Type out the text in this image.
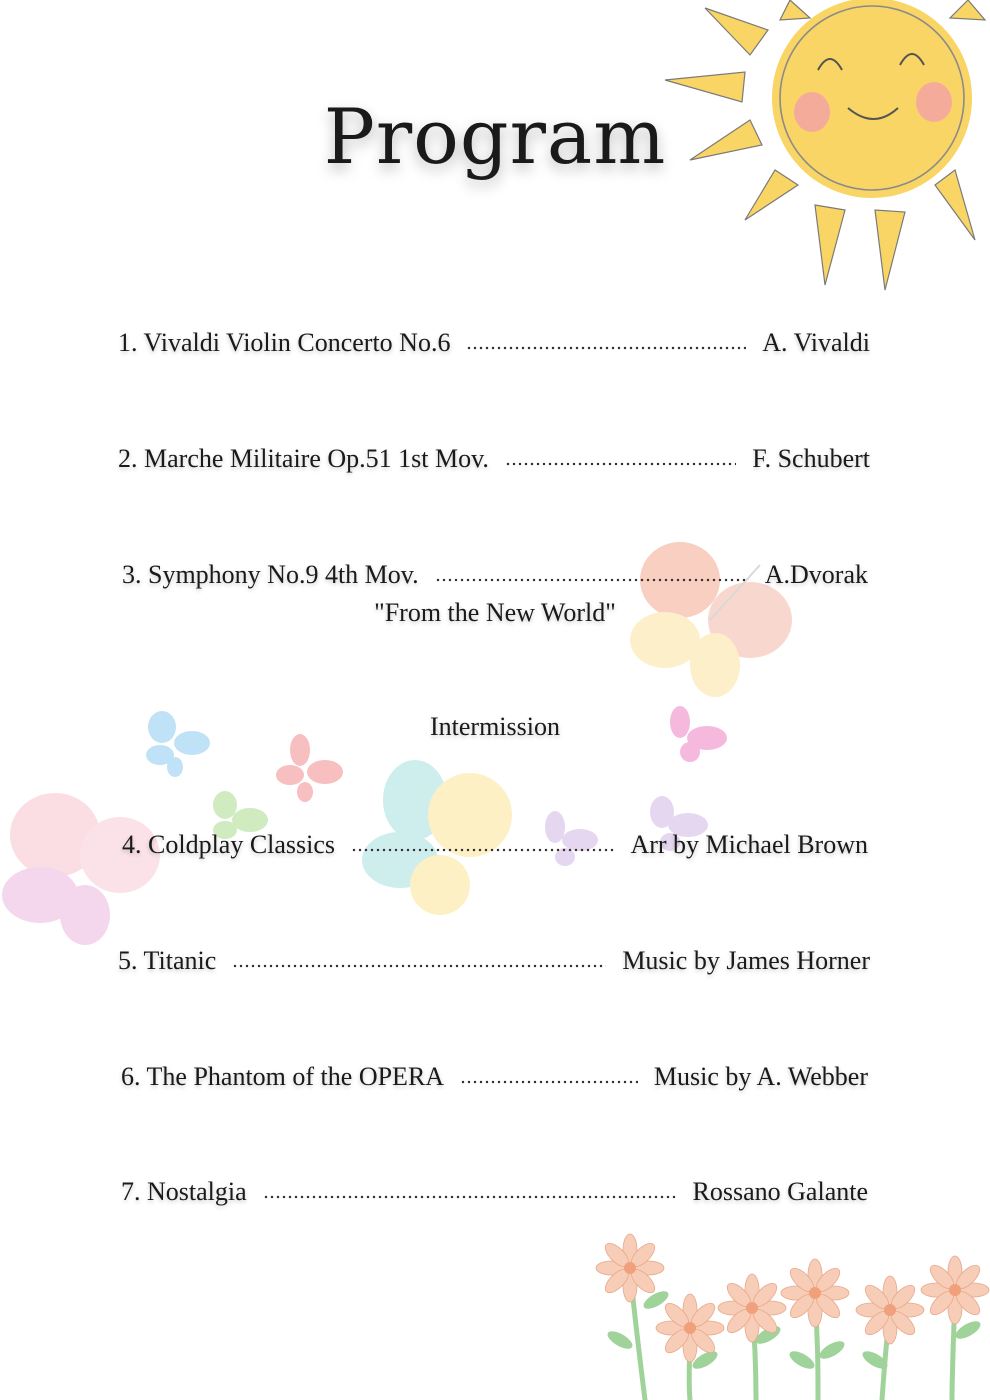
Program
1. Vivaldi Violin Concerto No.6	A. Vivaldi
2. Marche Militaire Op.51 1st Mov.	F. Schubert
3. Symphony No.9 4th Mov.	A.Dvorak
"From the New World"
Intermission
4. Coldplay Classics	Arr by Michael Brown
5. Titanic	Music by James Horner
6. The Phantom of the OPERA	Music by A. Webber
7. Nostalgia	Rossano Galante
